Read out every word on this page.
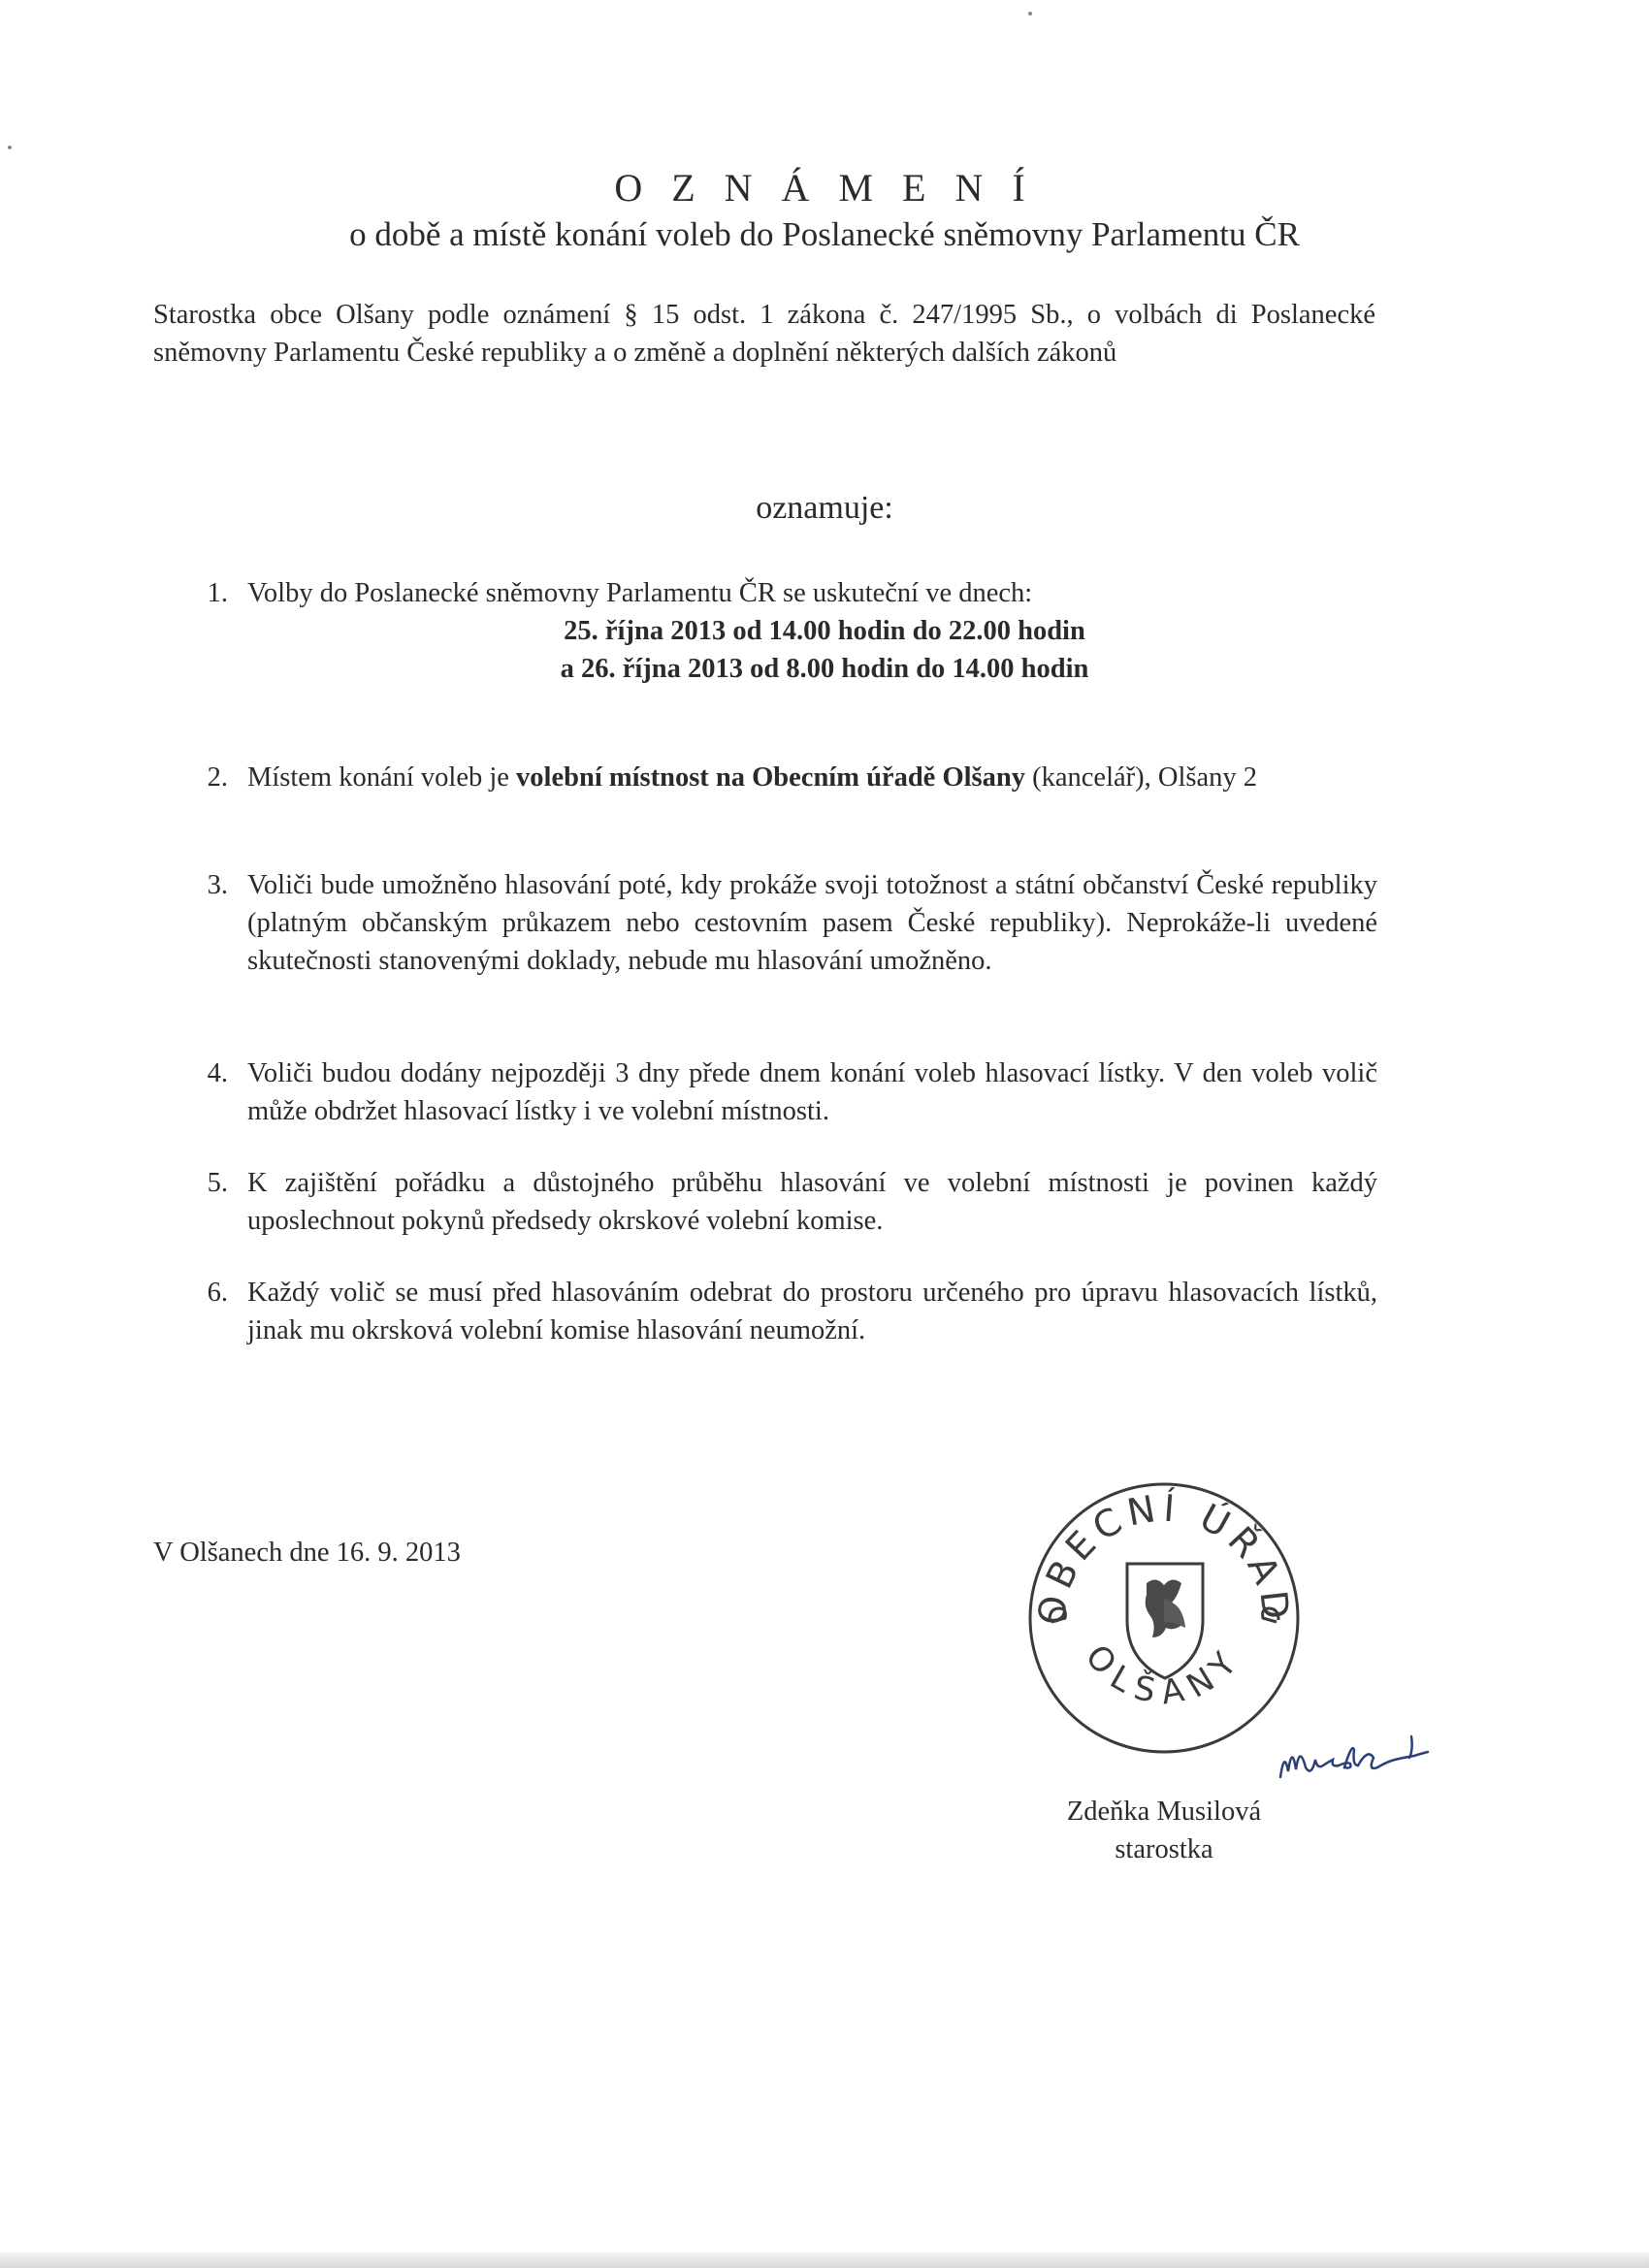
O Z N Á M E N Í
o době a místě konání voleb do Poslanecké sněmovny Parlamentu ČR
Starostka obce Olšany podle oznámení § 15 odst. 1 zákona č. 247/1995 Sb., o volbách di Poslanecké sněmovny Parlamentu České republiky a o změně a doplnění některých dalších zákonů
oznamuje:
1. Volby do Poslanecké sněmovny Parlamentu ČR se uskuteční ve dnech:
25. října 2013 od 14.00 hodin do 22.00 hodin
a 26. října 2013 od 8.00 hodin do 14.00 hodin
2. Místem konání voleb je volební místnost na Obecním úřadě Olšany (kancelář), Olšany 2
3. Voliči bude umožněno hlasování poté, kdy prokáže svoji totožnost a státní občanství České republiky (platným občanským průkazem nebo cestovním pasem České republiky). Neprokáže-li uvedené skutečnosti stanovenými doklady, nebude mu hlasování umožněno.
4. Voliči budou dodány nejpozději 3 dny přede dnem konání voleb hlasovací lístky. V den voleb volič může obdržet hlasovací lístky i ve volební místnosti.
5. K zajištění pořádku a důstojného průběhu hlasování ve volební místnosti je povinen každý uposlechnout pokynů předsedy okrskové volební komise.
6. Každý volič se musí před hlasováním odebrat do prostoru určeného pro úpravu hlasovacích lístků, jinak mu okrsková volební komise hlasování neumožní.
V Olšanech dne 16. 9. 2013
OBECNÍ ÚŘAD
OLŠANY
Zdeňka Musilová
starostka
